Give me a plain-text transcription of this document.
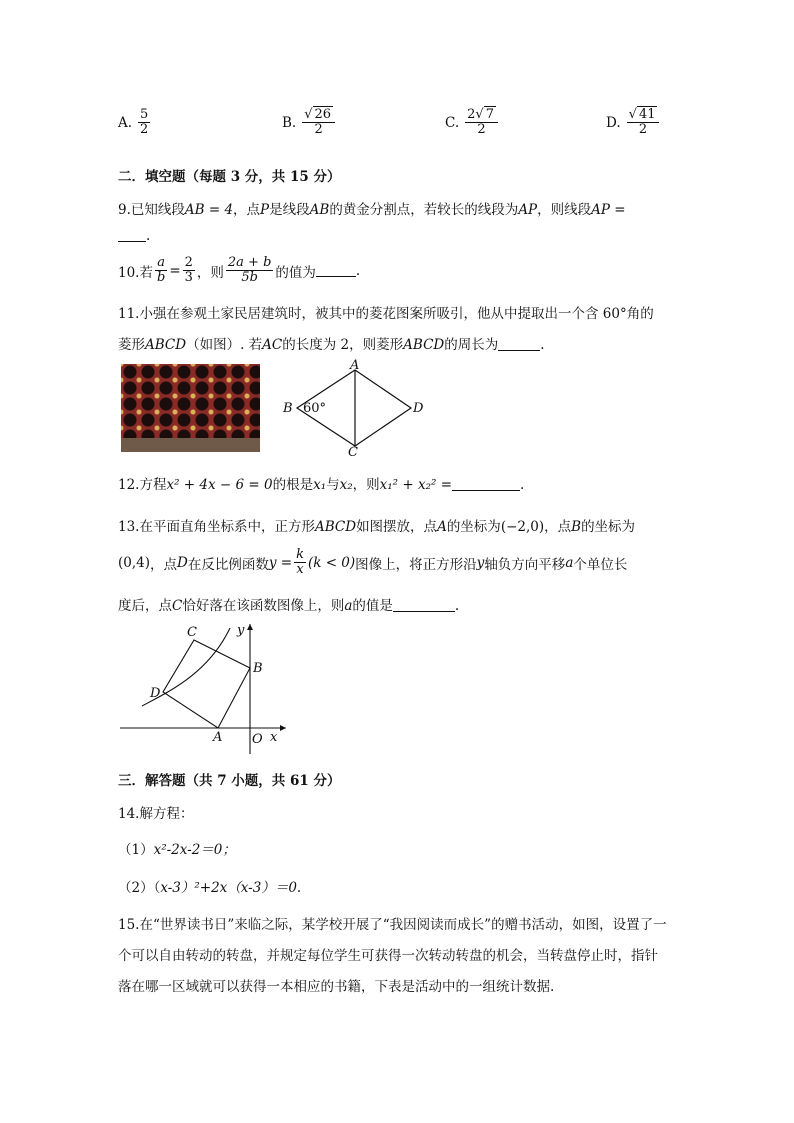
A. $\frac{5}{2}$	B. $\frac{√ 26}{2}$	C. $\frac{2√ 7}{2}$	D. $\frac{√ 41}{2}$
二．填空题（每题 3 分，共 15 分）
9.已知线段AB = 4，点P是线段AB的黄金分割点，若较长的线段为AP，则线段AP =
.
10.若 $\frac{a}{b} = \frac{2}{3}$ ，则 $\frac{2a + b}{5b}$ 的值为	.
11.小强在参观土家民居建筑时，被其中的菱花图案所吸引，他从中提取出一个含 60°角的
菱形ABCD（如图）. 若AC的长度为 2，则菱形ABCD的周长为	.
A
B 60°	D
C
12.方程x² + 4x − 6 = 0的根是x₁与x₂，则x₁² + x₂² =	.
13.在平面直角坐标系中，正方形ABCD如图摆放，点A的坐标为(−2,0)，点B的坐标为
(0,4) ，点 D 在反比例函数 $y = \frac{k}{x} (k < 0)$ 图像上，将正方形沿 y 轴负方向平移 a 个单位长
度后，点C恰好落在该函数图像上，则a的值是	.
C	y
B
D
A O x
三．解答题（共 7 小题，共 61 分）
14.解方程：
（1）x²-2x-2＝0；
（2）（x-3）²+2x（x-3）＝0.
15.在“世界读书日”来临之际，某学校开展了“我因阅读而成长”的赠书活动，如图，设置了一
个可以自由转动的转盘，并规定每位学生可获得一次转动转盘的机会，当转盘停止时，指针
落在哪一区域就可以获得一本相应的书籍，下表是活动中的一组统计数据.
